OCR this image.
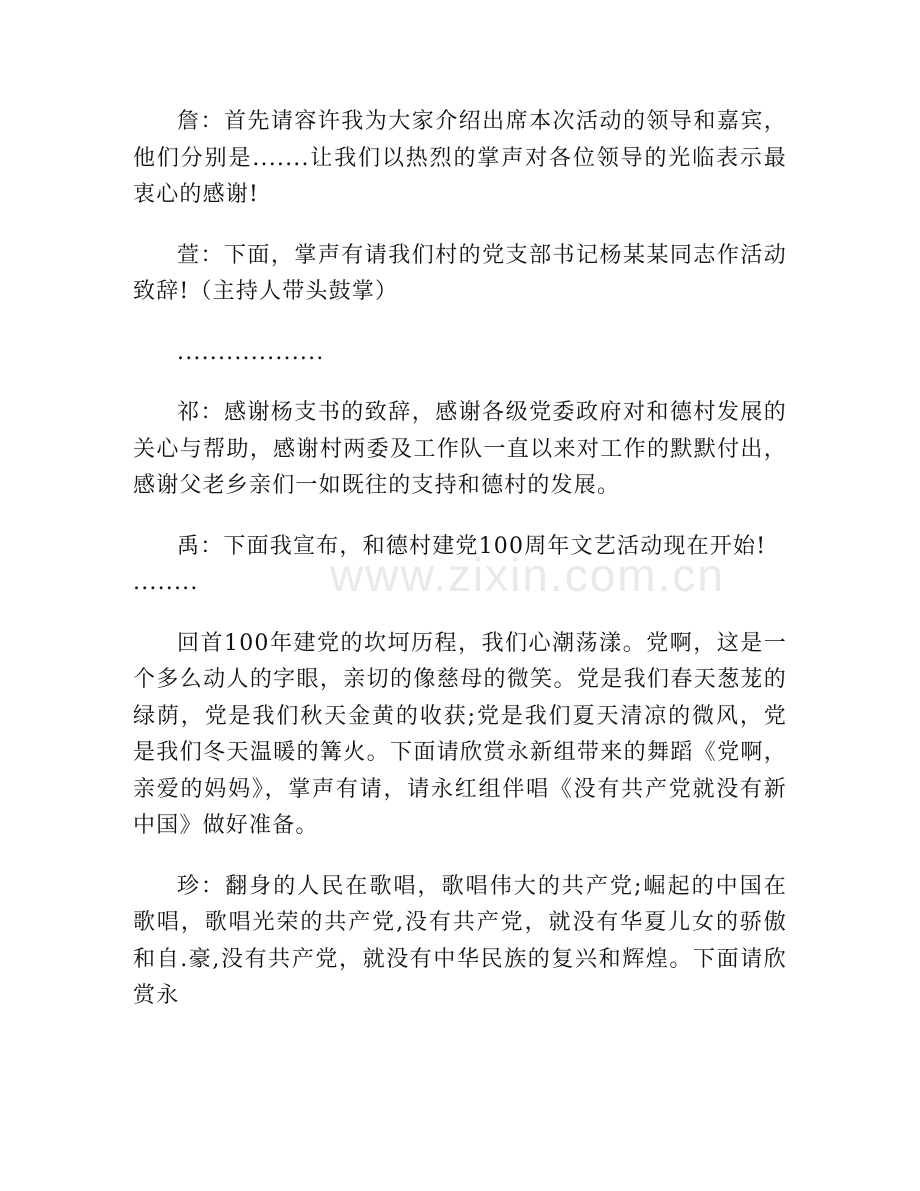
www.zixin.com.cn

詹：首先请容许我为大家介绍出席本次活动的领导和嘉宾，他们分别是.......让我们以热烈的掌声对各位领导的光临表示最衷心的感谢!

萱：下面，掌声有请我们村的党支部书记杨某某同志作活动致辞!（主持人带头鼓掌）

..................

祁：感谢杨支书的致辞，感谢各级党委政府对和德村发展的关心与帮助，感谢村两委及工作队一直以来对工作的默默付出，感谢父老乡亲们一如既往的支持和德村的发展。

禹：下面我宣布，和德村建党100周年文艺活动现在开始!

........

回首100年建党的坎坷历程，我们心潮荡漾。党啊，这是一个多么动人的字眼，亲切的像慈母的微笑。党是我们春天葱茏的绿荫，党是我们秋天金黄的收获;党是我们夏天清凉的微风，党是我们冬天温暖的篝火。下面请欣赏永新组带来的舞蹈《党啊，亲爱的妈妈》，掌声有请，请永红组伴唱《没有共产党就没有新中国》做好准备。

珍：翻身的人民在歌唱，歌唱伟大的共产党;崛起的中国在歌唱，歌唱光荣的共产党,没有共产党，就没有华夏儿女的骄傲和自.豪,没有共产党，就没有中华民族的复兴和辉煌。下面请欣赏永
